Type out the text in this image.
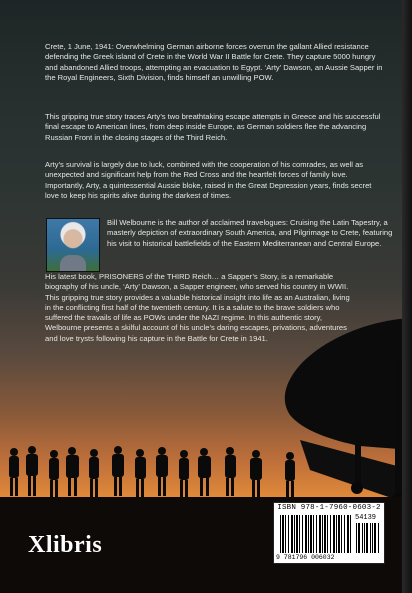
Crete, 1 June, 1941: Overwhelming German airborne forces overrun the gallant Allied resistance defending the Greek island of Crete in the World War II Battle for Crete. They capture 5000 hungry and abandoned Allied troops, attempting an evacuation to Egypt. ‘Arty’ Dawson, an Aussie Sapper in the Royal Engineers, Sixth Division, finds himself an unwilling POW.

This gripping true story traces Arty’s two breathtaking escape attempts in Greece and his successful final escape to American lines, from deep inside Europe, as German soldiers flee the advancing Russian Front in the closing stages of the Third Reich.

Arty’s survival is largely due to luck, combined with the cooperation of his comrades, as well as unexpected and significant help from the Red Cross and the heartfelt forces of family love. Importantly, Arty, a quintessential Aussie bloke, raised in the Great Depression years, finds secret love to keep his spirits alive during the darkest of times.

Bill Welbourne is the author of acclaimed travelogues: Cruising the Latin Tapestry, a masterly depiction of extraordinary South America, and Pilgrimage to Crete, featuring his visit to historical battlefields of the Eastern Mediterranean and Central Europe.

His latest book, PRISONERS of the THIRD Reich… a Sapper’s Story, is a remarkable biography of his uncle, ‘Arty’ Dawson, a Sapper engineer, who served his country in WWII. This gripping true story provides a valuable historical insight into life as an Australian, living in the conflicting first half of the twentieth century. It is a salute to the brave soldiers who suffered the travails of life as POWs under the NAZI regime. In this authentic story, Welbourne presents a skilful account of his uncle’s daring escapes, privations, adventures and love trysts following his capture in the Battle for Crete in 1941.

ISBN 978-1-7960-0603-2
54139
9 781796 006032
Xlibris
